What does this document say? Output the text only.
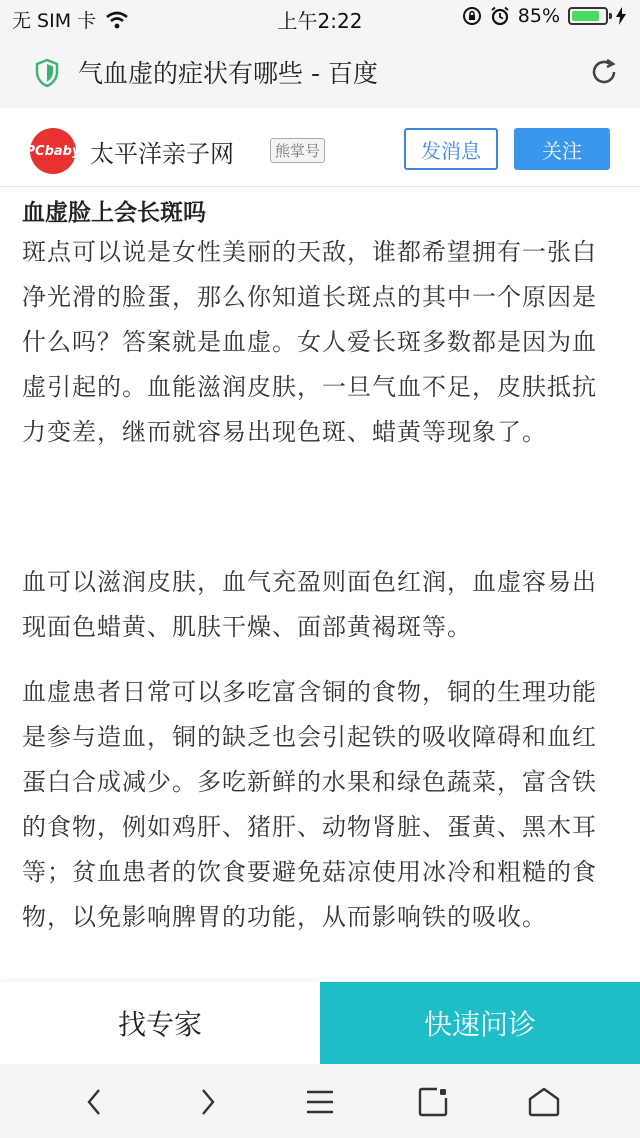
无 SIM 卡	上午2:22	85%
气血虚的症状有哪些 - 百度
PCbaby 太平洋亲子网	熊掌号	发消息	关注
血虚脸上会长斑吗

斑点可以说是女性美丽的天敌，谁都希望拥有一张白净光滑的脸蛋，那么你知道长斑点的其中一个原因是什么吗？答案就是血虚。女人爱长斑多数都是因为血虚引起的。血能滋润皮肤，一旦气血不足，皮肤抵抗力变差，继而就容易出现色斑、蜡黄等现象了。

血可以滋润皮肤，血气充盈则面色红润，血虚容易出现面色蜡黄、肌肤干燥、面部黄褐斑等。

血虚患者日常可以多吃富含铜的食物，铜的生理功能是参与造血，铜的缺乏也会引起铁的吸收障碍和血红蛋白合成减少。多吃新鲜的水果和绿色蔬菜，富含铁的食物，例如鸡肝、猪肝、动物肾脏、蛋黄、黑木耳等；贫血患者的饮食要避免菇凉使用冰冷和粗糙的食物，以免影响脾胃的功能，从而影响铁的吸收。

找专家	快速问诊
